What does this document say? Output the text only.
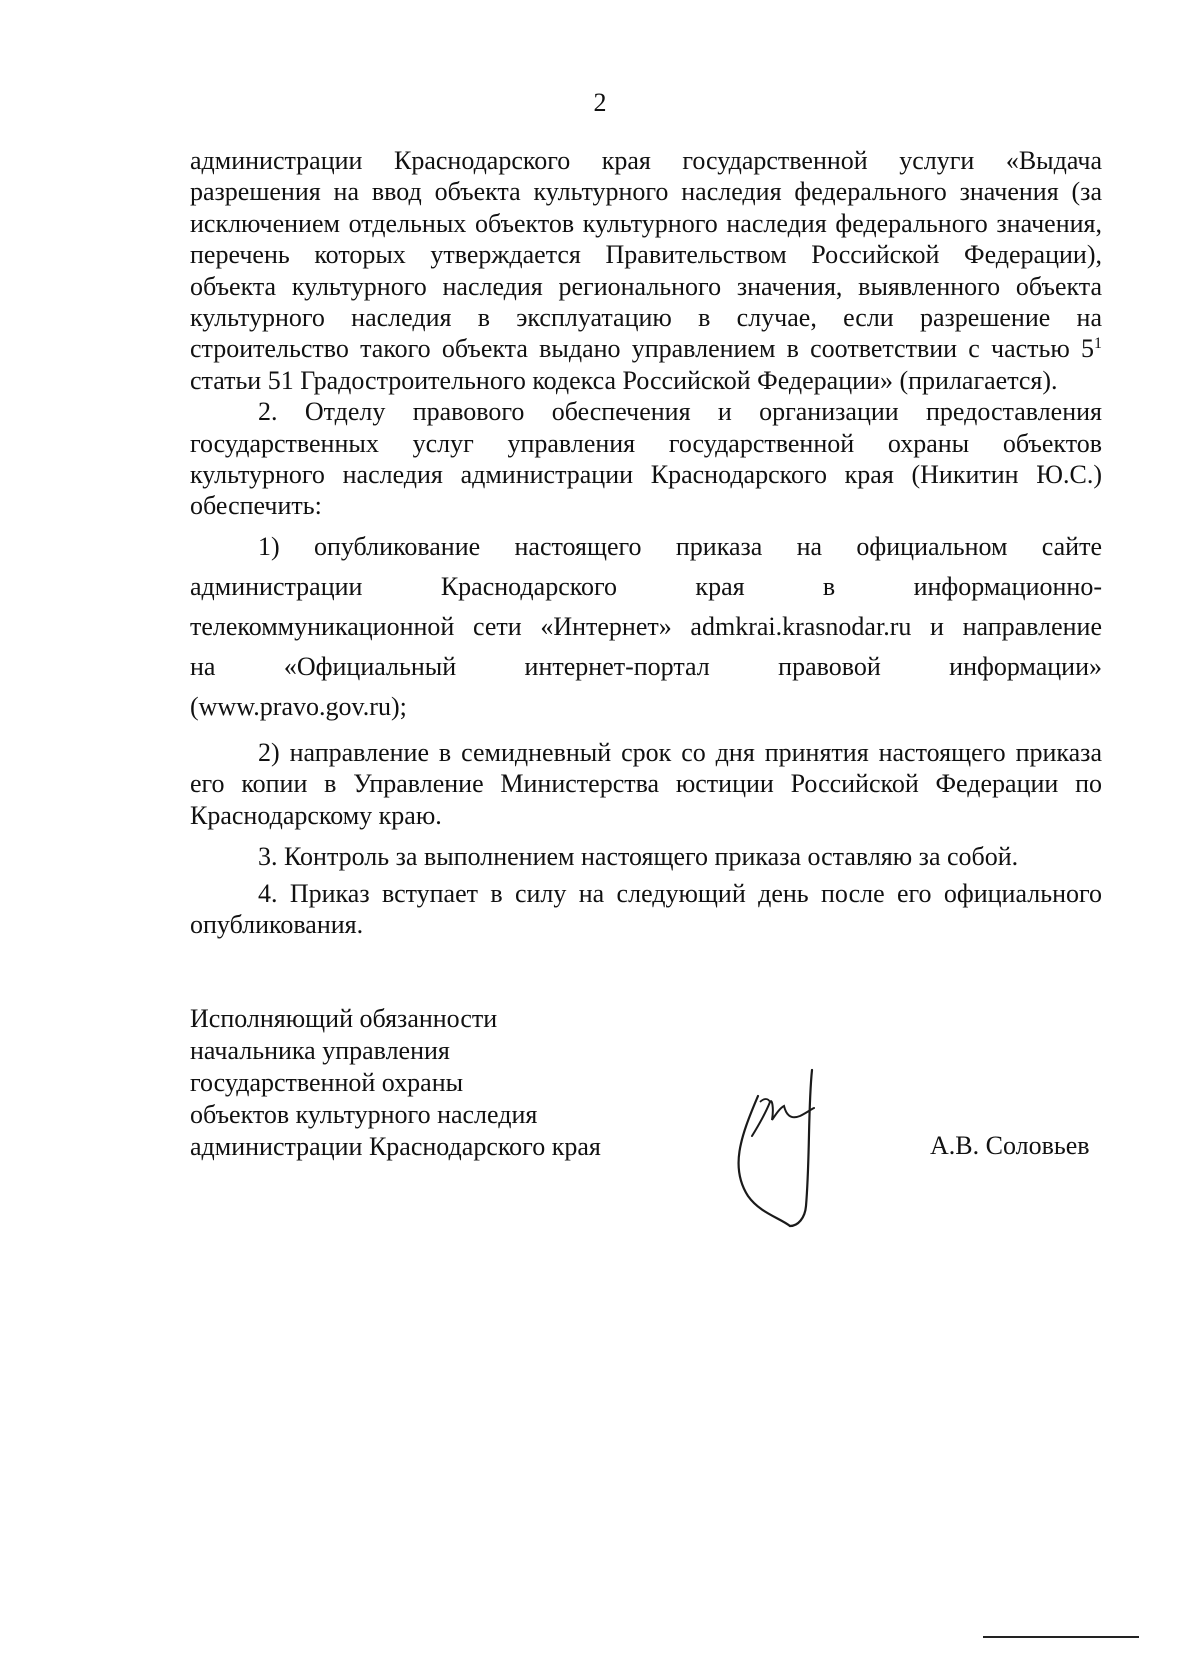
2

администрации Краснодарского края государственной услуги «Выдача разрешения на ввод объекта культурного наследия федерального значения (за исключением отдельных объектов культурного наследия федерального значения, перечень которых утверждается Правительством Российской Федерации), объекта культурного наследия регионального значения, выявленного объекта культурного наследия в эксплуатацию в случае, если разрешение на строительство такого объекта выдано управлением в соответствии с частью $5^1$ статьи 51 Градостроительного кодекса Российской Федерации» (прилагается).

2. Отделу правового обеспечения и организации предоставления государственных услуг управления государственной охраны объектов культурного наследия администрации Краснодарского края (Никитин Ю.С.) обеспечить:

1) опубликование настоящего приказа на официальном сайте
администрации Краснодарского края в информационно-
телекоммуникационной сети «Интернет» admkrai.krasnodar.ru и направление
на «Официальный интернет-портал правовой информации»
(www.pravo.gov.ru);

2) направление в семидневный срок со дня принятия настоящего приказа его копии в Управление Министерства юстиции Российской Федерации по Краснодарскому краю.

3. Контроль за выполнением настоящего приказа оставляю за собой.

4. Приказ вступает в силу на следующий день после его официального опубликования.

Исполняющий обязанности
начальника управления
государственной охраны
объектов культурного наследия
администрации Краснодарского края	А.В. Соловьев
